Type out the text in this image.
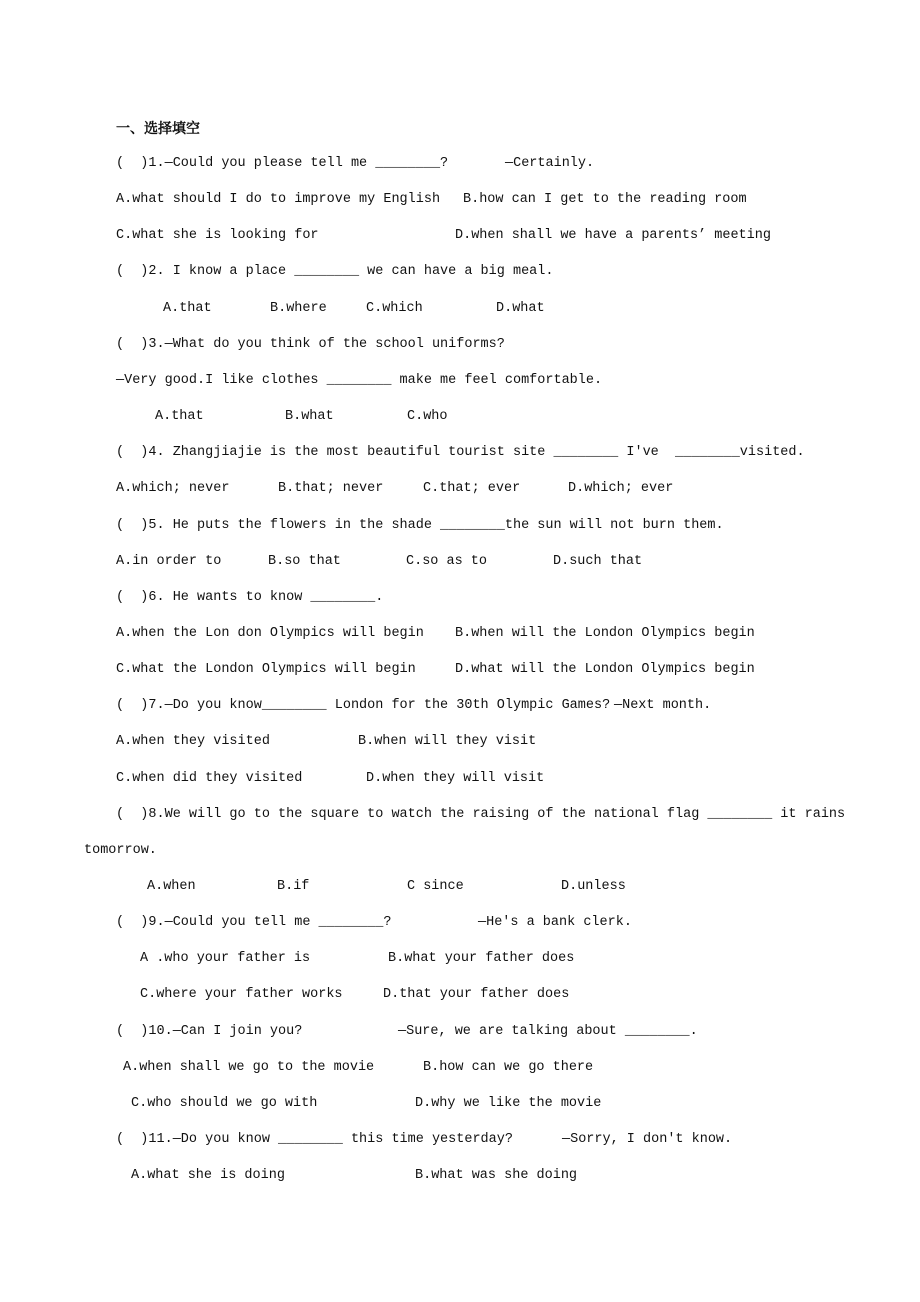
一、选择填空
(  )1.—Could you please tell me ________?	—Certainly.
A.what should I do to improve my English B.how can I get to the reading room
C.what she is looking for	D.when shall we have a parents’ meeting
(  )2. I know a place ________ we can have a big meal.
A.that	B.where	C.which	D.what
(  )3.—What do you think of the school uniforms?
—Very good.I like clothes ________ make me feel comfortable.
A.that	B.what	C.who
(  )4. Zhangjiajie is the most beautiful tourist site ________ I've  ________visited.
A.which; never	B.that; never	C.that; ever	D.which; ever
(  )5. He puts the flowers in the shade ________the sun will not burn them.
A.in order to	B.so that	C.so as to	D.such that
(  )6. He wants to know ________.
A.when the Lon don Olympics will begin B.when will the London Olympics begin
C.what the London Olympics will begin	D.what will the London Olympics begin
(  )7.—Do you know________ London for the 30th Olympic Games? —Next month.
A.when they visited	B.when will they visit
C.when did they visited	D.when they will visit
(  )8.We will go to the square to watch the raising of the national flag ________ it rains
tomorrow.
A.when	B.if	C since	D.unless
(  )9.—Could you tell me ________?	—He's a bank clerk.
A .who your father is	B.what your father does
C.where your father works	D.that your father does
(  )10.—Can I join you?	—Sure, we are talking about ________.
A.when shall we go to the movie	B.how can we go there
C.who should we go with	D.why we like the movie
(  )11.—Do you know ________ this time yesterday?	—Sorry, I don't know.
A.what she is doing	B.what was she doing
